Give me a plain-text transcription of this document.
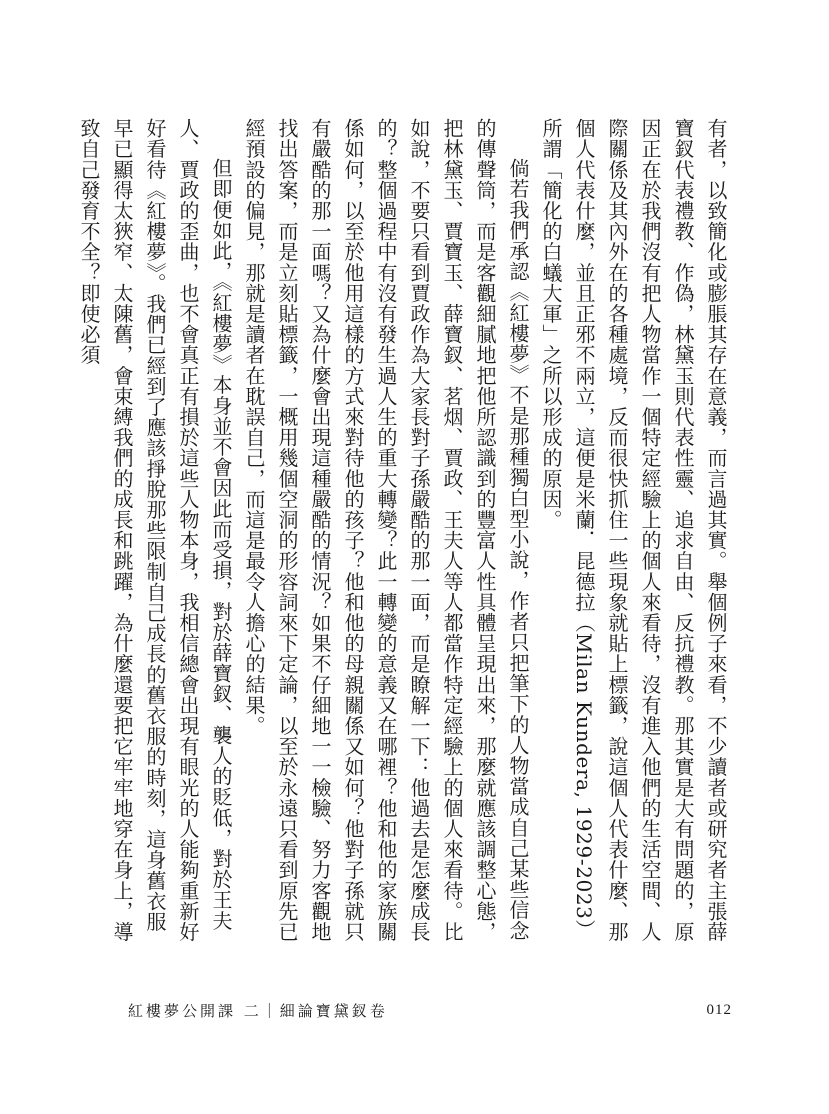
有者，以致簡化或膨脹其存在意義，而言過其實。舉個例子來看，不少讀者或研究者主張薛寶釵代表禮教、作偽，林黛玉則代表性靈、追求自由、反抗禮教。那其實是大有問題的，原因正在於我們沒有把人物當作一個特定經驗上的個人來看待，沒有進入他們的生活空間、人際關係及其內外在的各種處境，反而很快抓住一些現象就貼上標籤，說這個人代表什麼、那個人代表什麼，並且正邪不兩立，這便是米蘭．昆德拉（Milan Kundera, 1929-2023）所謂「簡化的白蟻大軍」之所以形成的原因。

倘若我們承認《紅樓夢》不是那種獨白型小說，作者只把筆下的人物當成自己某些信念的傳聲筒，而是客觀細膩地把他所認識到的豐富人性具體呈現出來，那麼就應該調整心態，把林黛玉、賈寶玉、薛寶釵、茗烟、賈政、王夫人等人都當作特定經驗上的個人來看待。比如說，不要只看到賈政作為大家長對子孫嚴酷的那一面，而是瞭解一下：他過去是怎麼成長的？整個過程中有沒有發生過人生的重大轉變？此一轉變的意義又在哪裡？他和他的家族關係如何，以至於他用這樣的方式來對待他的孩子？他和他的母親關係又如何？他對子孫就只有嚴酷的那一面嗎？又為什麼會出現這種嚴酷的情況？如果不仔細地一一檢驗、努力客觀地找出答案，而是立刻貼標籤，一概用幾個空洞的形容詞來下定論，以至於永遠只看到原先已經預設的偏見，那就是讀者在耽誤自己，而這是最令人擔心的結果。

但即便如此，《紅樓夢》本身並不會因此而受損，對於薛寶釵、襲人的貶低，對於王夫人、賈政的歪曲，也不會真正有損於這些人物本身，我相信總會出現有眼光的人能夠重新好好看待《紅樓夢》。我們已經到了應該掙脫那些限制自己成長的舊衣服的時刻，這身舊衣服早已顯得太狹窄、太陳舊，會束縛我們的成長和跳躍，為什麼還要把它牢牢地穿在身上，導致自己發育不全？即使必須

紅樓夢公開課 二｜細論寶黛釵卷	012
